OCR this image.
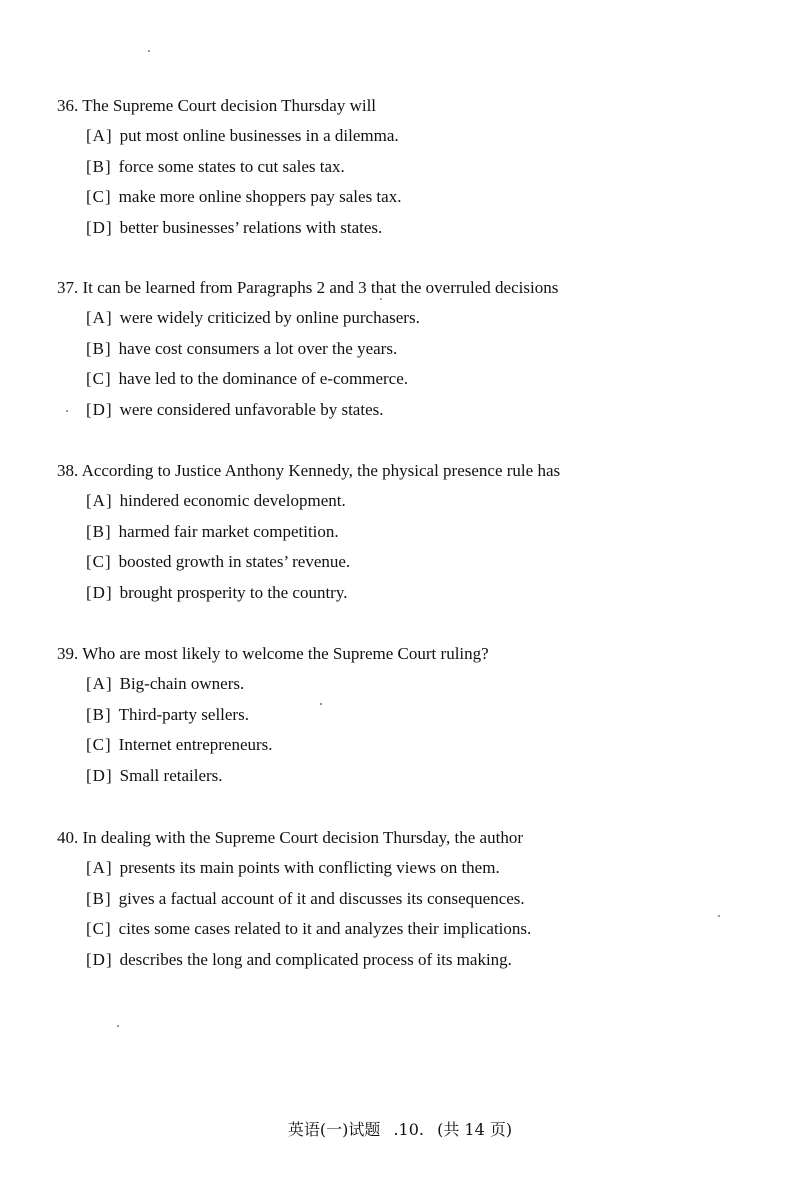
36. The Supreme Court decision Thursday will

[A] put most online businesses in a dilemma.
[B] force some states to cut sales tax.
[C] make more online shoppers pay sales tax.
[D] better businesses’ relations with states.

37. It can be learned from Paragraphs 2 and 3 that the overruled decisions

[A] were widely criticized by online purchasers.
[B] have cost consumers a lot over the years.
[C] have led to the dominance of e-commerce.
[D] were considered unfavorable by states.

38. According to Justice Anthony Kennedy, the physical presence rule has

[A] hindered economic development.
[B] harmed fair market competition.
[C] boosted growth in states’ revenue.
[D] brought prosperity to the country.

39. Who are most likely to welcome the Supreme Court ruling?

[A] Big-chain owners.
[B] Third-party sellers.
[C] Internet entrepreneurs.
[D] Small retailers.

40. In dealing with the Supreme Court decision Thursday, the author

[A] presents its main points with conflicting views on them.
[B] gives a factual account of it and discusses its consequences.
[C] cites some cases related to it and analyzes their implications.
[D] describes the long and complicated process of its making.
英语(一)试题 .10. (共 14 页)
